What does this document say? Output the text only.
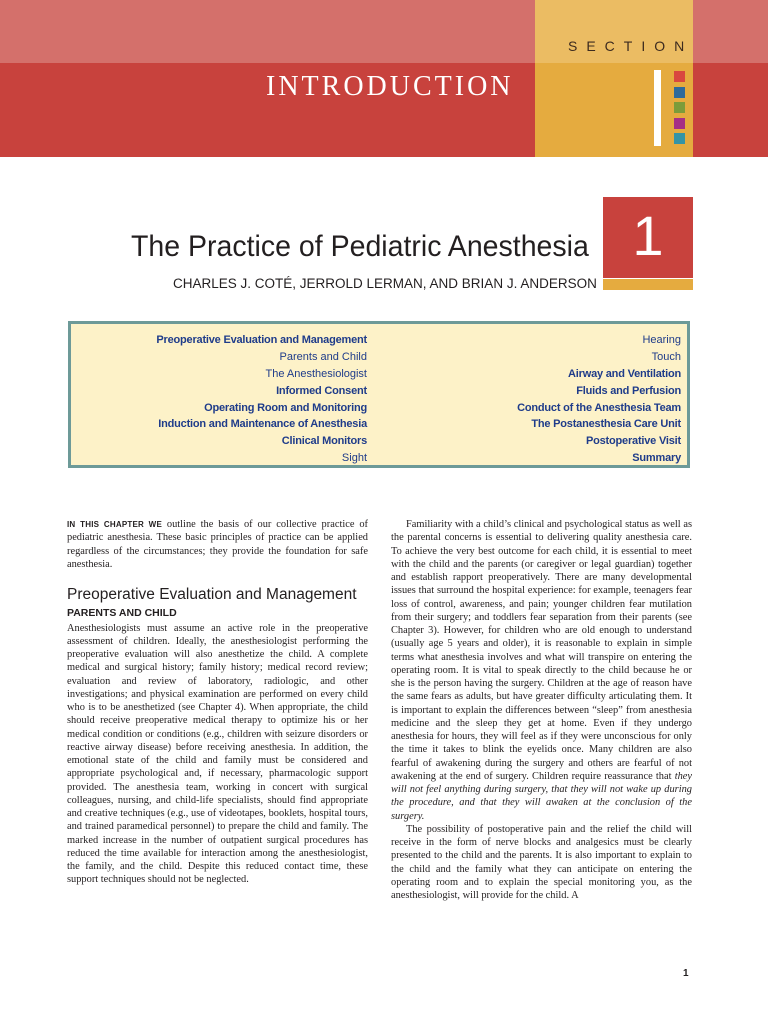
SECTION
INTRODUCTION
The Practice of Pediatric Anesthesia
CHARLES J. COTÉ, JERROLD LERMAN, AND BRIAN J. ANDERSON
1
Preoperative Evaluation and Management
Parents and Child
The Anesthesiologist
Informed Consent
Operating Room and Monitoring
Induction and Maintenance of Anesthesia
Clinical Monitors
Sight
Hearing
Touch
Airway and Ventilation
Fluids and Perfusion
Conduct of the Anesthesia Team
The Postanesthesia Care Unit
Postoperative Visit
Summary

IN THIS CHAPTER WE outline the basis of our collective practice of pediatric anesthesia. These basic principles of practice can be applied regardless of the circumstances; they provide the foundation for safe anesthesia.

Preoperative Evaluation and Management
PARENTS AND CHILD

Anesthesiologists must assume an active role in the preoperative assessment of children. Ideally, the anesthesiologist performing the preoperative evaluation will also anesthetize the child. A complete medical and surgical history; family history; medical record review; evaluation and review of laboratory, radiologic, and other investigations; and physical examination are performed on every child who is to be anesthetized (see Chapter 4). When appropriate, the child should receive preoperative medical therapy to optimize his or her medical condition or conditions (e.g., children with seizure disorders or reactive airway disease) before receiving anesthesia. In addition, the emotional state of the child and family must be considered and appropriate psychological and, if necessary, pharmacologic support provided. The anesthesia team, working in concert with surgical colleagues, nursing, and child-life specialists, should find appropriate and creative techniques (e.g., use of videotapes, booklets, hospital tours, and trained paramedical personnel) to prepare the child and family. The marked increase in the number of outpatient surgical procedures has reduced the time available for interaction among the anesthesiologist, the family, and the child. Despite this reduced contact time, these support techniques should not be neglected.

Familiarity with a child’s clinical and psychological status as well as the parental concerns is essential to delivering quality anesthesia care. To achieve the very best outcome for each child, it is essential to meet with the child and the parents (or caregiver or legal guardian) together and establish rapport preoperatively. There are many developmental issues that surround the hospital experience: for example, teenagers fear loss of control, awareness, and pain; younger children fear mutilation from their surgery; and toddlers fear separation from their parents (see Chapter 3). However, for children who are old enough to understand (usually age 5 years and older), it is reasonable to explain in simple terms what anesthesia involves and what will transpire on entering the operating room. It is vital to speak directly to the child because he or she is the person having the surgery. Children at the age of reason have the same fears as adults, but have greater difficulty articulating them. It is important to explain the differences between “sleep” from anesthesia medicine and the sleep they get at home. Even if they undergo anesthesia for hours, they will feel as if they were unconscious for only the time it takes to blink the eyelids once. Many children are also fearful of awakening during the surgery and others are fearful of not awakening at the end of surgery. Children require reassurance that they will not feel anything during surgery, that they will not wake up during the procedure, and that they will awaken at the conclusion of the surgery.

The possibility of postoperative pain and the relief the child will receive in the form of nerve blocks and analgesics must be clearly presented to the child and the parents. It is also important to explain to the child and the family what they can anticipate on entering the operating room and to explain the special monitoring you, as the anesthesiologist, will provide for the child. A

1
